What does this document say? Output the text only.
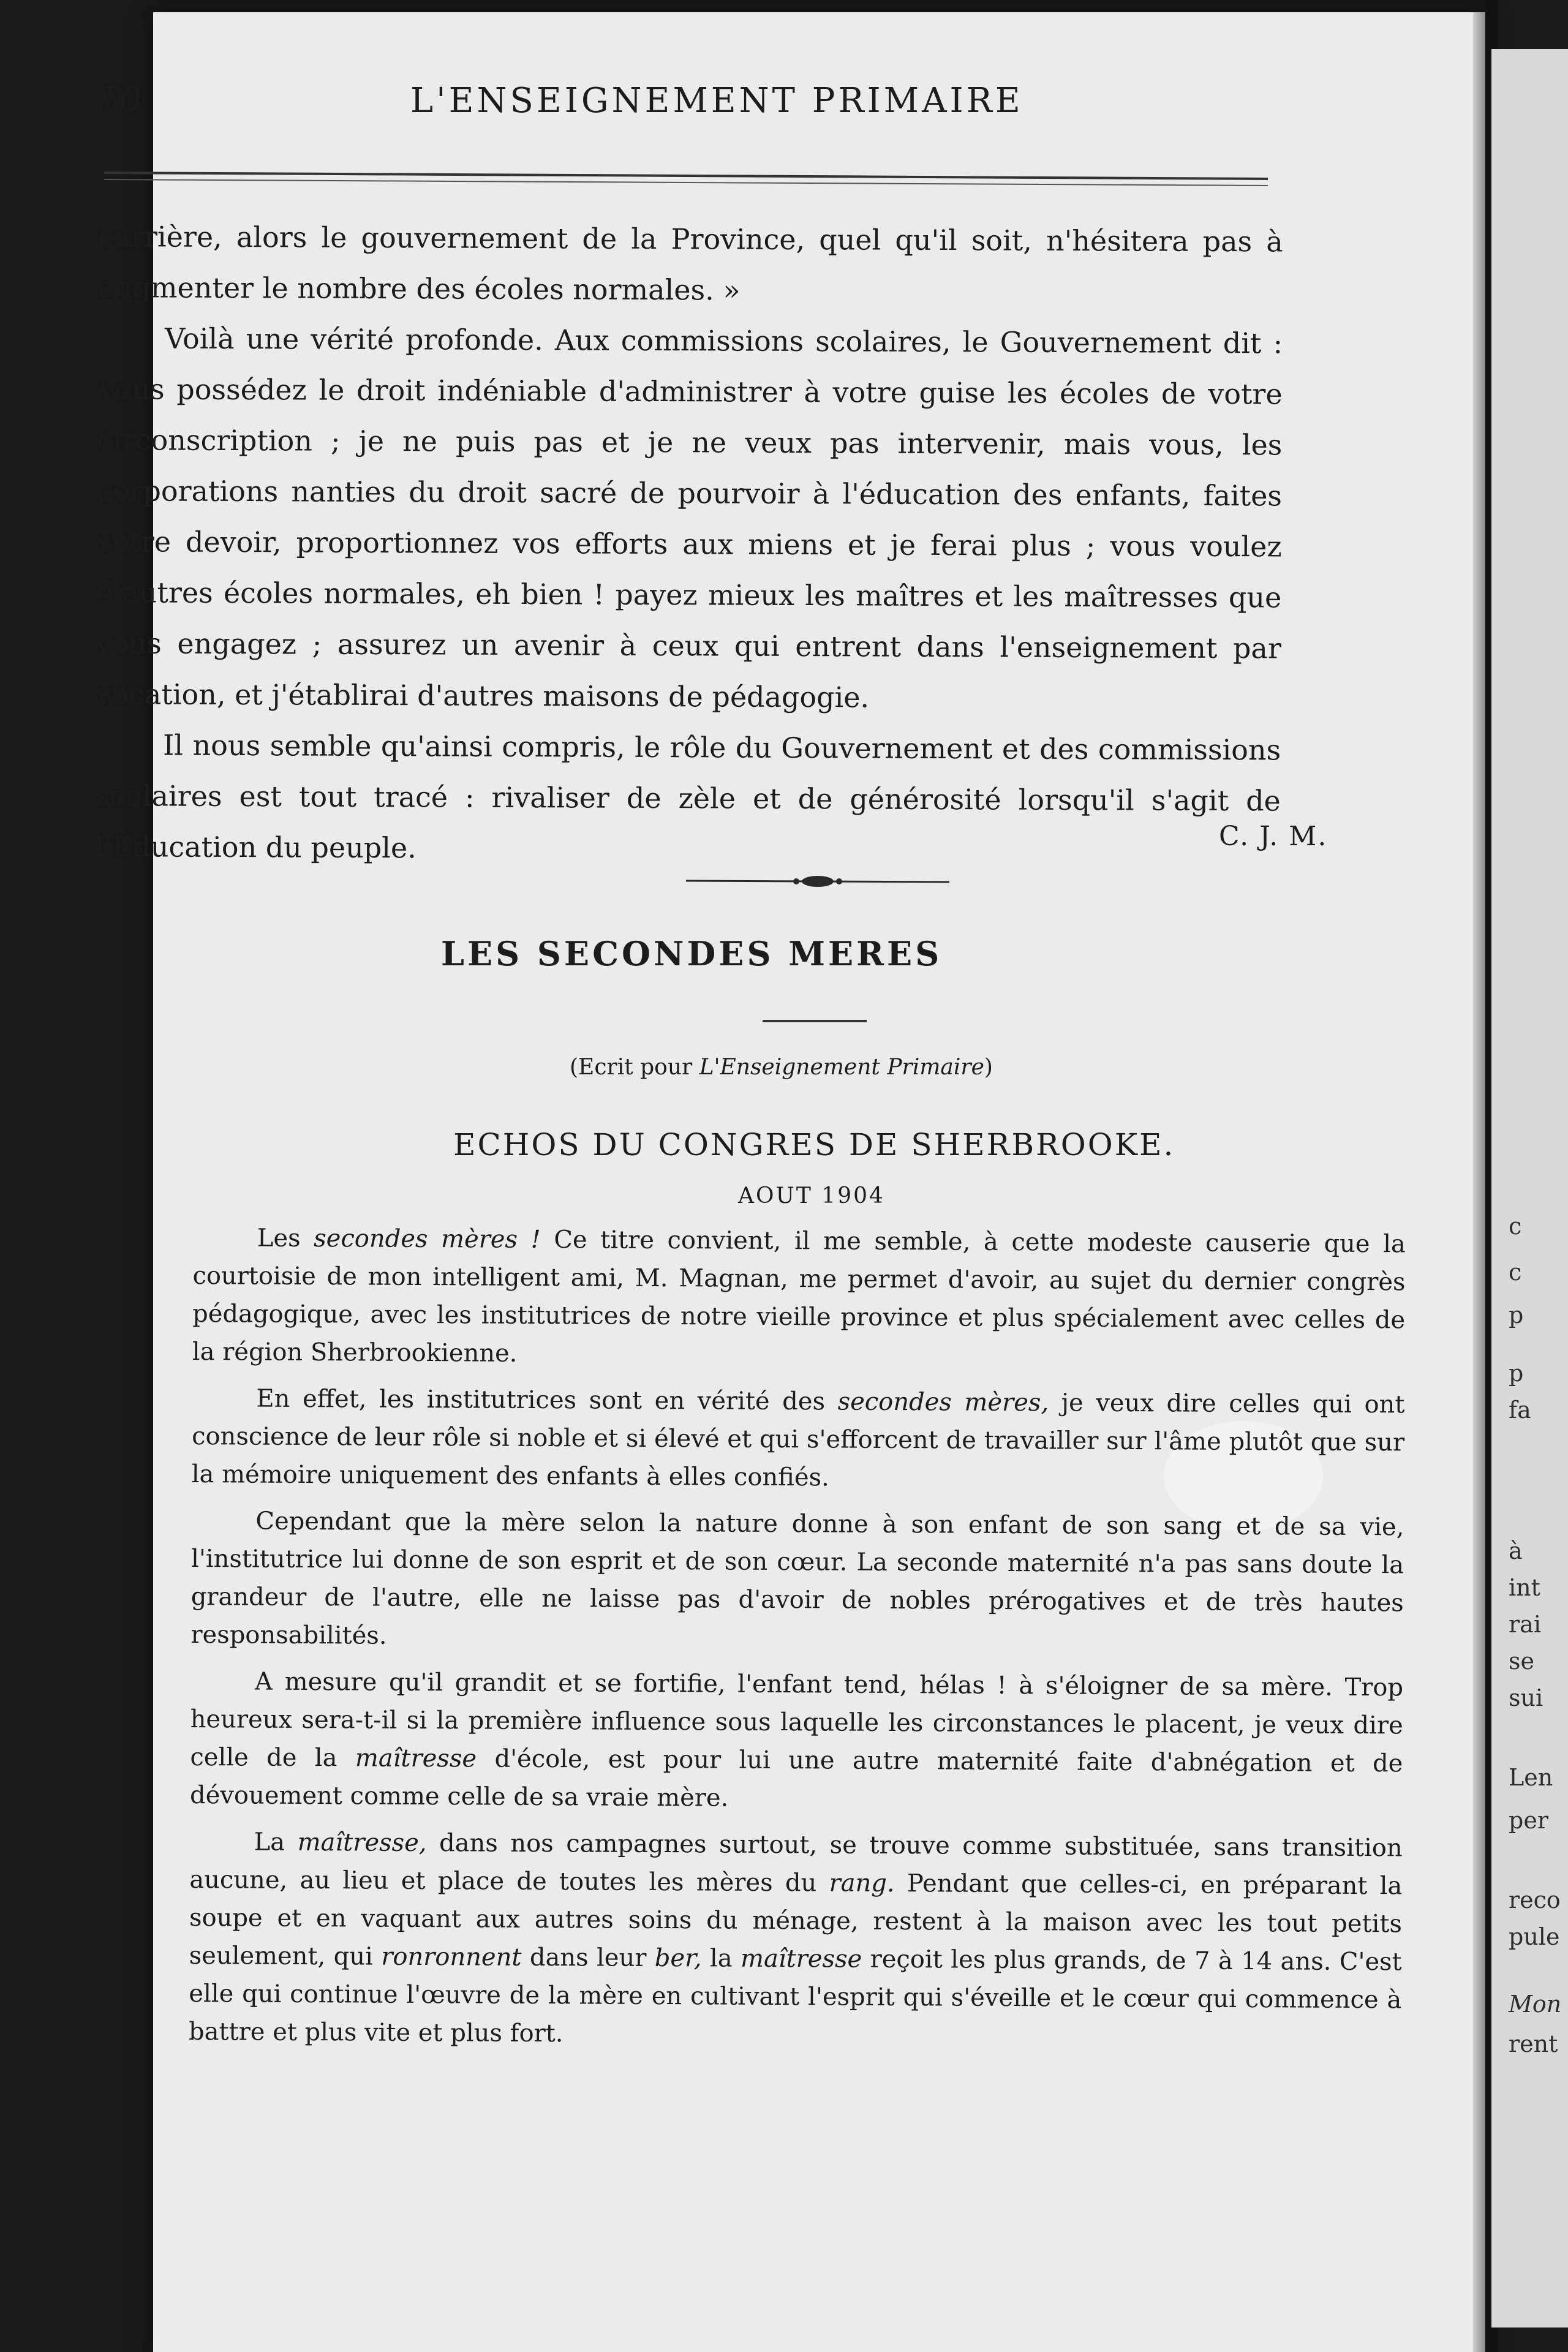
c
c
p
p
fa
à
int
rai
se
sui
Len
per
reco
pule
Mon
rent
70	L'ENSEIGNEMENT PRIMAIRE

carrière, alors le gouvernement de la Province, quel qu'il soit, n'hésitera pas à augmenter le nombre des écoles normales. »

Voilà une vérité profonde. Aux commissions scolaires, le Gouvernement dit : Vous possédez le droit indéniable d'administrer à votre guise les écoles de votre circonscription ; je ne puis pas et je ne veux pas intervenir, mais vous, les corporations nanties du droit sacré de pourvoir à l'éducation des enfants, faites votre devoir, proportionnez vos efforts aux miens et je ferai plus ; vous voulez d'autres écoles normales, eh bien ! payez mieux les maîtres et les maîtresses que vous engagez ; assurez un avenir à ceux qui entrent dans l'enseignement par vocation, et j'établirai d'autres maisons de pédagogie.

Il nous semble qu'ainsi compris, le rôle du Gouvernement et des commissions scolaires est tout tracé : rivaliser de zèle et de générosité lorsqu'il s'agit de l'Éducation du peuple.	C. J. M.
LES SECONDES MERES
(Ecrit pour L'Enseignement Primaire)
ECHOS DU CONGRES DE SHERBROOKE.
AOUT 1904

Les secondes mères ! Ce titre convient, il me semble, à cette modeste causerie que la courtoisie de mon intelligent ami, M. Magnan, me permet d'avoir, au sujet du dernier congrès pédagogique, avec les institutrices de notre vieille province et plus spécialement avec celles de la région Sherbrookienne.

En effet, les institutrices sont en vérité des secondes mères, je veux dire celles qui ont conscience de leur rôle si noble et si élevé et qui s'efforcent de travailler sur l'âme plutôt que sur la mémoire uniquement des enfants à elles confiés.

Cependant que la mère selon la nature donne à son enfant de son sang et de sa vie, l'institutrice lui donne de son esprit et de son cœur. La seconde maternité n'a pas sans doute la grandeur de l'autre, elle ne laisse pas d'avoir de nobles prérogatives et de très hautes responsabilités.

A mesure qu'il grandit et se fortifie, l'enfant tend, hélas ! à s'éloigner de sa mère. Trop heureux sera-t-il si la première influence sous laquelle les circonstances le placent, je veux dire celle de la maîtresse d'école, est pour lui une autre maternité faite d'abnégation et de dévouement comme celle de sa vraie mère.

La maîtresse, dans nos campagnes surtout, se trouve comme substituée, sans transition aucune, au lieu et place de toutes les mères du rang. Pendant que celles-ci, en préparant la soupe et en vaquant aux autres soins du ménage, restent à la maison avec les tout petits seulement, qui ronronnent dans leur ber, la maîtresse reçoit les plus grands, de 7 à 14 ans. C'est elle qui continue l'œuvre de la mère en cultivant l'esprit qui s'éveille et le cœur qui commence à battre et plus vite et plus fort.
